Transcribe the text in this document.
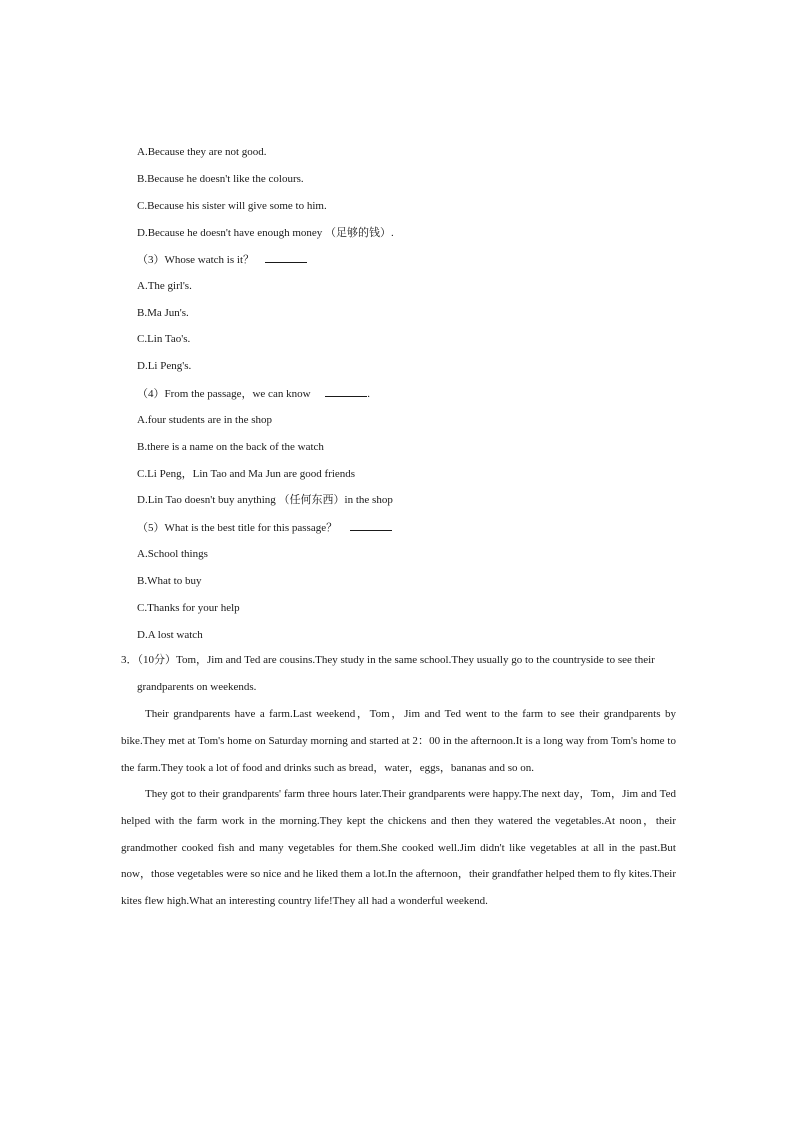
A.Because they are not good.
B.Because he doesn't like the colours.
C.Because his sister will give some to him.
D.Because he doesn't have enough money （足够的钱）.
（3）Whose watch is it？
A.The girl's.
B.Ma Jun's.
C.Lin Tao's.
D.Li Peng's.
（4）From the passage，we can know	.
A.four students are in the shop
B.there is a name on the back of the watch
C.Li Peng，Lin Tao and Ma Jun are good friends
D.Lin Tao doesn't buy anything （任何东西）in the shop
（5）What is the best title for this passage？
A.School things
B.What to buy
C.Thanks for your help
D.A lost watch
3．（10分）Tom，Jim and Ted are cousins.They study in the same school.They usually go to the countryside to see their grandparents on weekends.
Their grandparents have a farm.Last weekend，Tom，Jim and Ted went to the farm to see their grandparents by bike.They met at Tom's home on Saturday morning and started at 2：00 in the afternoon.It is a long way from Tom's home to the farm.They took a lot of food and drinks such as bread，water，eggs，bananas and so on.
They got to their grandparents' farm three hours later.Their grandparents were happy.The next day，Tom，Jim and Ted helped with the farm work in the morning.They kept the chickens and then they watered the vegetables.At noon，their grandmother cooked fish and many vegetables for them.She cooked well.Jim didn't like vegetables at all in the past.But now，those vegetables were so nice and he liked them a lot.In the afternoon，their grandfather helped them to fly kites.Their kites flew high.What an interesting country life!They all had a wonderful weekend.
